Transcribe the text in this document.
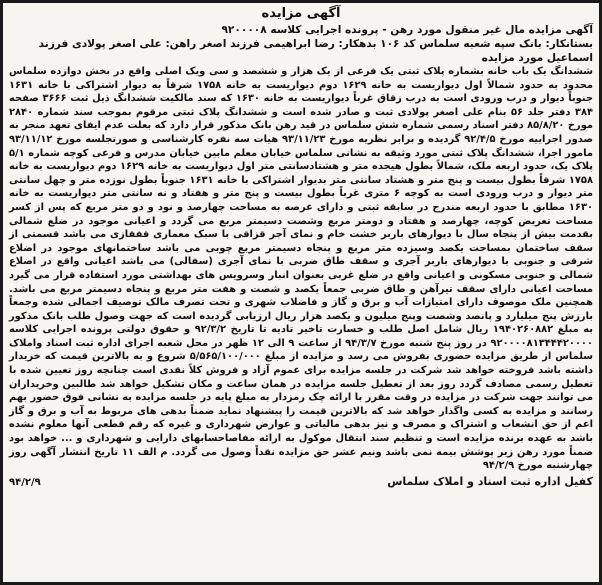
آگهی مزایده

آگهی مزایده مال غیر منقول مورد رهن - پرونده اجرایی کلاسه ۹۲۰۰۰۰۸

بستانکار: بانک سپه شعبه سلماس کد ۱۰۶ بدهکار: رضا ابراهیمی فرزند اصغر راهن: علی اصغر پولادی فرزند اسماعیل مورد مزایده

ششدانگ یک باب خانه بشماره پلاک ثبتی یک فرعی از یک هزار و ششصد و سی ویک اصلی واقع در بخش دوازده سلماس محدود به حدود شمالاً اول دیواریست به خانه ۱۶۲۹ دوم دیواریست به خانه ۱۷۵۸ شرقاً به دیوار اشتراکی با خانه ۱۶۳۱ جنوباً دیوار و درب ورودی است به درب زقاق غرباً دیواریست به خانه ۱۶۳۰ که سند مالکیت ششدانگ ذیل ثبت ۳۶۶۶ صفحه ۳۸۴ دفتر جلد ۵۶ بنام علی اصغر پولادی ثبت و صادر شده است و ششدانگ پلاک ثبتی مرقوم بموجب سند شماره ۲۸۴۰ مورخ ۸۵/۸/۲۰ دفتر اسناد رسمی شماره شش سلماس در قید رهن بانک مذکور قرار دارد که بعلت عدم ایفای تعهد منجر به صدور اجراییه مورخ ۹۲/۴/۵ گردیده و برابر نظریه مورخ ۹۳/۱۱/۲۳ هیات سه نفره کارشناسی و صورتجلسه مورخ ۹۳/۱۱/۱۲ مامور اجرا، ششدانگ پلاک ثبتی مورد وثیقه به نشانی سلماس خیابان معلم مابین خیابان مدرس و فرعی کوچه شماره ۵/۱ پلاک یک، حدود اربعه ملک، شمالاً بطول هیجده متر و هشتادسانتی متر اول دیواریست به خانه ۱۶۲۹ دوم دیواریست به خانه ۱۷۵۸ شرقاً بطول بیست و پنج متر و هشتاد سانتی متر بدیوار اشتراکی با خانه ۱۶۳۱ جنوباً بطول نوزده متر و چهل سانتی متر دیوار و درب ورودی است به کوچه ۶ متری غرباً بطول بیست و پنج متر و هفتاد و نه سانتی متر دیواریست به خانه ۱۶۳۰ مطابق با حدود اربعه مندرج در سابقه ثبتی و دارای عرصه به مساحت چهارصد و نود و دو متر مربع که پس از کسر مساحت تعریض کوچه، چهارصد و هفتاد و دومتر مربع وشصت دسیمتر مربع می گردد و اعیانی موجود در ضلع شمالی بقدمت بیش از پنجاه سال با دیوارهای باربر خشت خام و نمای آجر قزاقی با سبک معماری قفقازی می باشد قسمتی از سقف ساختمان بمساحت یکصد وسیزده متر مربع و پنجاه دسیمتر مربع چوبی می باشد ساختمانهای موجود در اضلاع شرقی و جنوبی با دیوارهای باربر آجری و سقف طاق ضربی با نمای آجری (سفالی) می باشد اعیانی واقع در اضلاع شمالی و جنوبی مسکونی و اعیانی واقع در ضلع غربی بعنوان انبار وسرویس های بهداشتی مورد استفاده قرار می گیرد مساحت اعیانی دارای سقف تیرآهن و طاق ضربی جمعاً یکصد و شصت و هفت متر مربع و پنجاه دسیمتر مربع می باشد. همچنین ملک موصوف دارای امتیازات آب و برق و گاز و فاضلاب شهری و تحت تصرف مالک توصیف اجمالی شده وجمعاً بارزش پنج میلیارد و پانصد وشصت وپنج میلیون و یکصد هزار ریال ارزیابی گردیده است که جهت وصول طلب بانک مذکور به مبلغ ۱۹۴۰۲۶۰۸۸۲ ریال شامل اصل طلب و خسارت تاخیر تادیه تا تاریخ ۹۲/۳/۲ و حقوق دولتی پرونده اجرایی کلاسه ۹۲۰۰۰۰۸۱۳۴۴۴۲۰۰۰۰ در روز پنج شنبه مورخ ۹۴/۳/۷ از ساعت ۹ الی ۱۲ ظهر در محل شعبه اجرای اداره ثبت اسناد واملاک سلماس از طریق مزایده حضوری بفروش می رسد و مزایده از مبلغ ۵/۵۶۵/۱۰۰/۰۰۰ شروع و به بالاترین قیمت که خریدار داشته باشد فروخته خواهد شد شرکت در جلسه مزایده برای عموم آزاد و فروش کلاً نقدی است چنانچه روز تعیین شده با تعطیل رسمی مصادف گردد روز بعد از تعطیل جلسه مزایده در همان ساعت و مکان تشکیل خواهد شد طالبین وخریداران می توانند جهت شرکت در مزایده در وقت مقرر با ارائه چک رمزدار به مبلغ پایه در جلسه مزایده به نشانی فوق حضور بهم رسانند و مزایده به کسی واگذار خواهد شد که بالاترین قیمت را پیشنهاد نماید ضمناً بدهی های مربوط به آب و برق و گاز اعم از حق انشعاب و اشتراک و مصرف و نیز بدهی مالیاتی و عوارض شهرداری و غیره که رقم قطعی آنها معلوم نشده باشد به عهده برنده مزایده است و تنظیم سند انتقال موکول به ارائه مفاصاحسابهای دارایی و شهرداری و ... خواهد بود ضمناً مورد رهن زیر پوشش بیمه نمی باشد ونیم عشر حق مزایده نقداً وصول می گردد. م الف ۱۱ تاریخ انتشار آگهی روز چهارشنبه مورخ ۹۴/۲/۹

کفیل اداره ثبت اسناد و املاک سلماس
۹۴/۲/۹
